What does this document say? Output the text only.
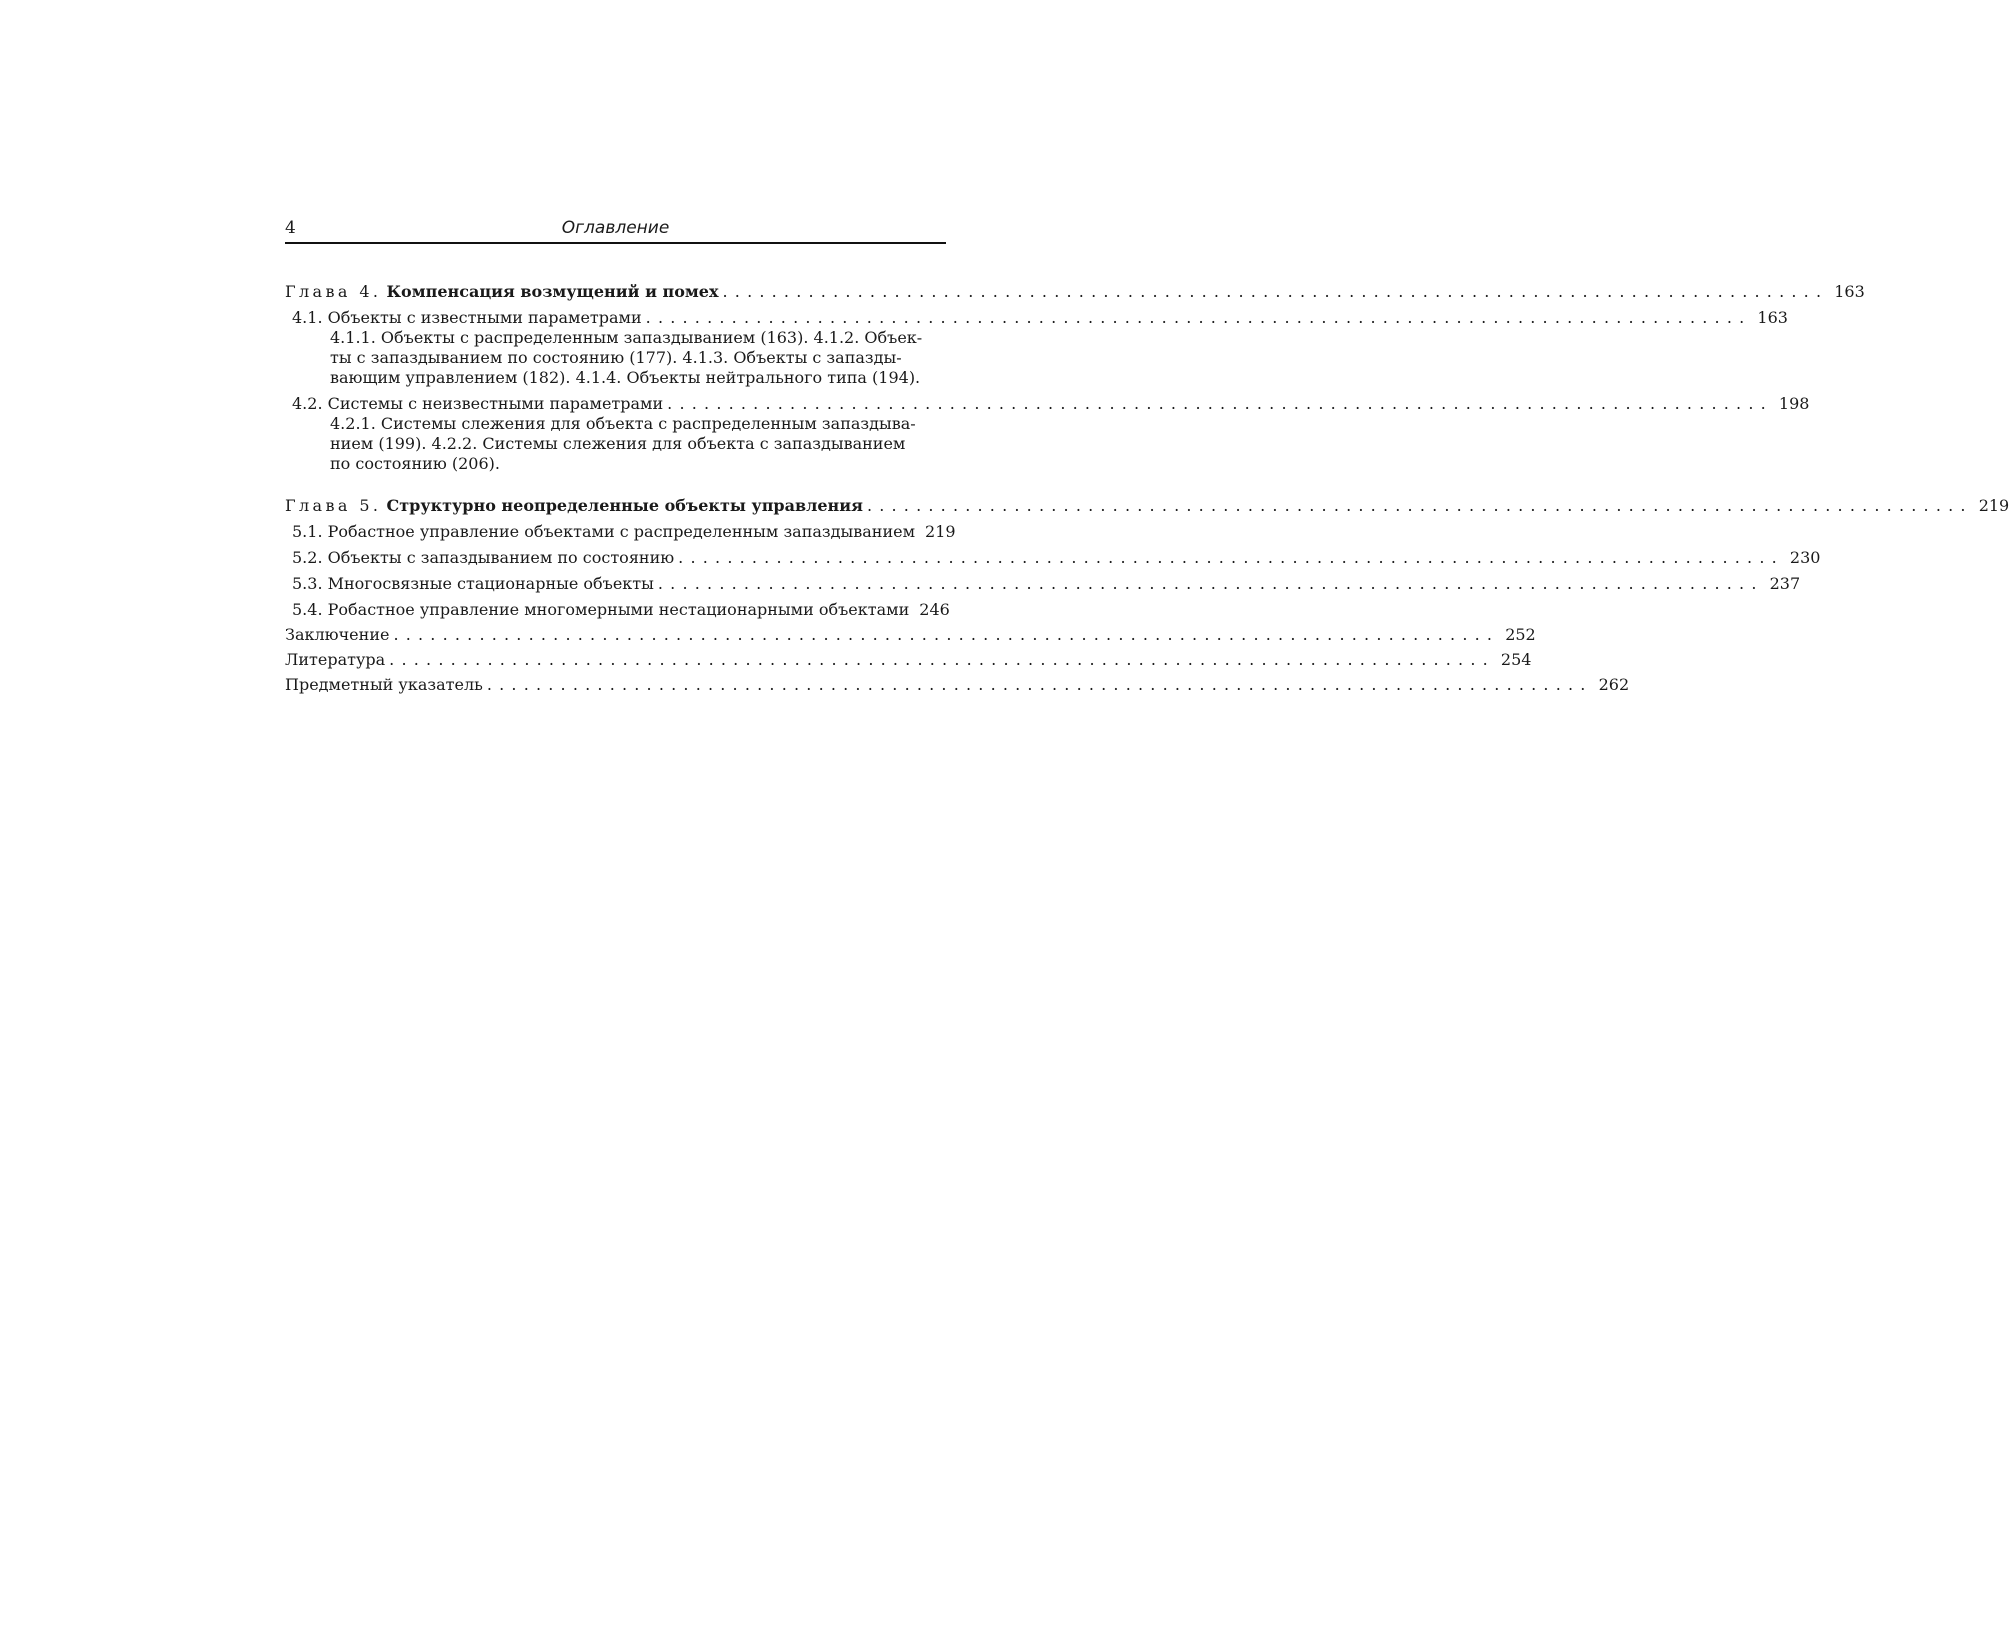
4	Оглавление
Глава 4. Компенсация возмущений и помех .......................................................................................... 163
4.1. Объекты с известными параметрами .......................................................................................... 163
4.1.1. Объекты с распределенным запаздыванием (163). 4.1.2. Объек-
ты с запаздыванием по состоянию (177). 4.1.3. Объекты с запазды-
вающим управлением (182). 4.1.4. Объекты нейтрального типа (194).
4.2. Системы с неизвестными параметрами .......................................................................................... 198
4.2.1. Системы слежения для объекта с распределенным запаздыва-
нием (199). 4.2.2. Системы слежения для объекта с запаздыванием
по состоянию (206).
Глава 5. Структурно неопределенные объекты управления .......................................................................................... 219
5.1. Робастное управление объектами с распределенным запаздыванием 219
5.2. Объекты с запаздыванием по состоянию .......................................................................................... 230
5.3. Многосвязные стационарные объекты .......................................................................................... 237
5.4. Робастное управление многомерными нестационарными объектами 246
Заключение .......................................................................................... 252
Литература .......................................................................................... 254
Предметный указатель .......................................................................................... 262
